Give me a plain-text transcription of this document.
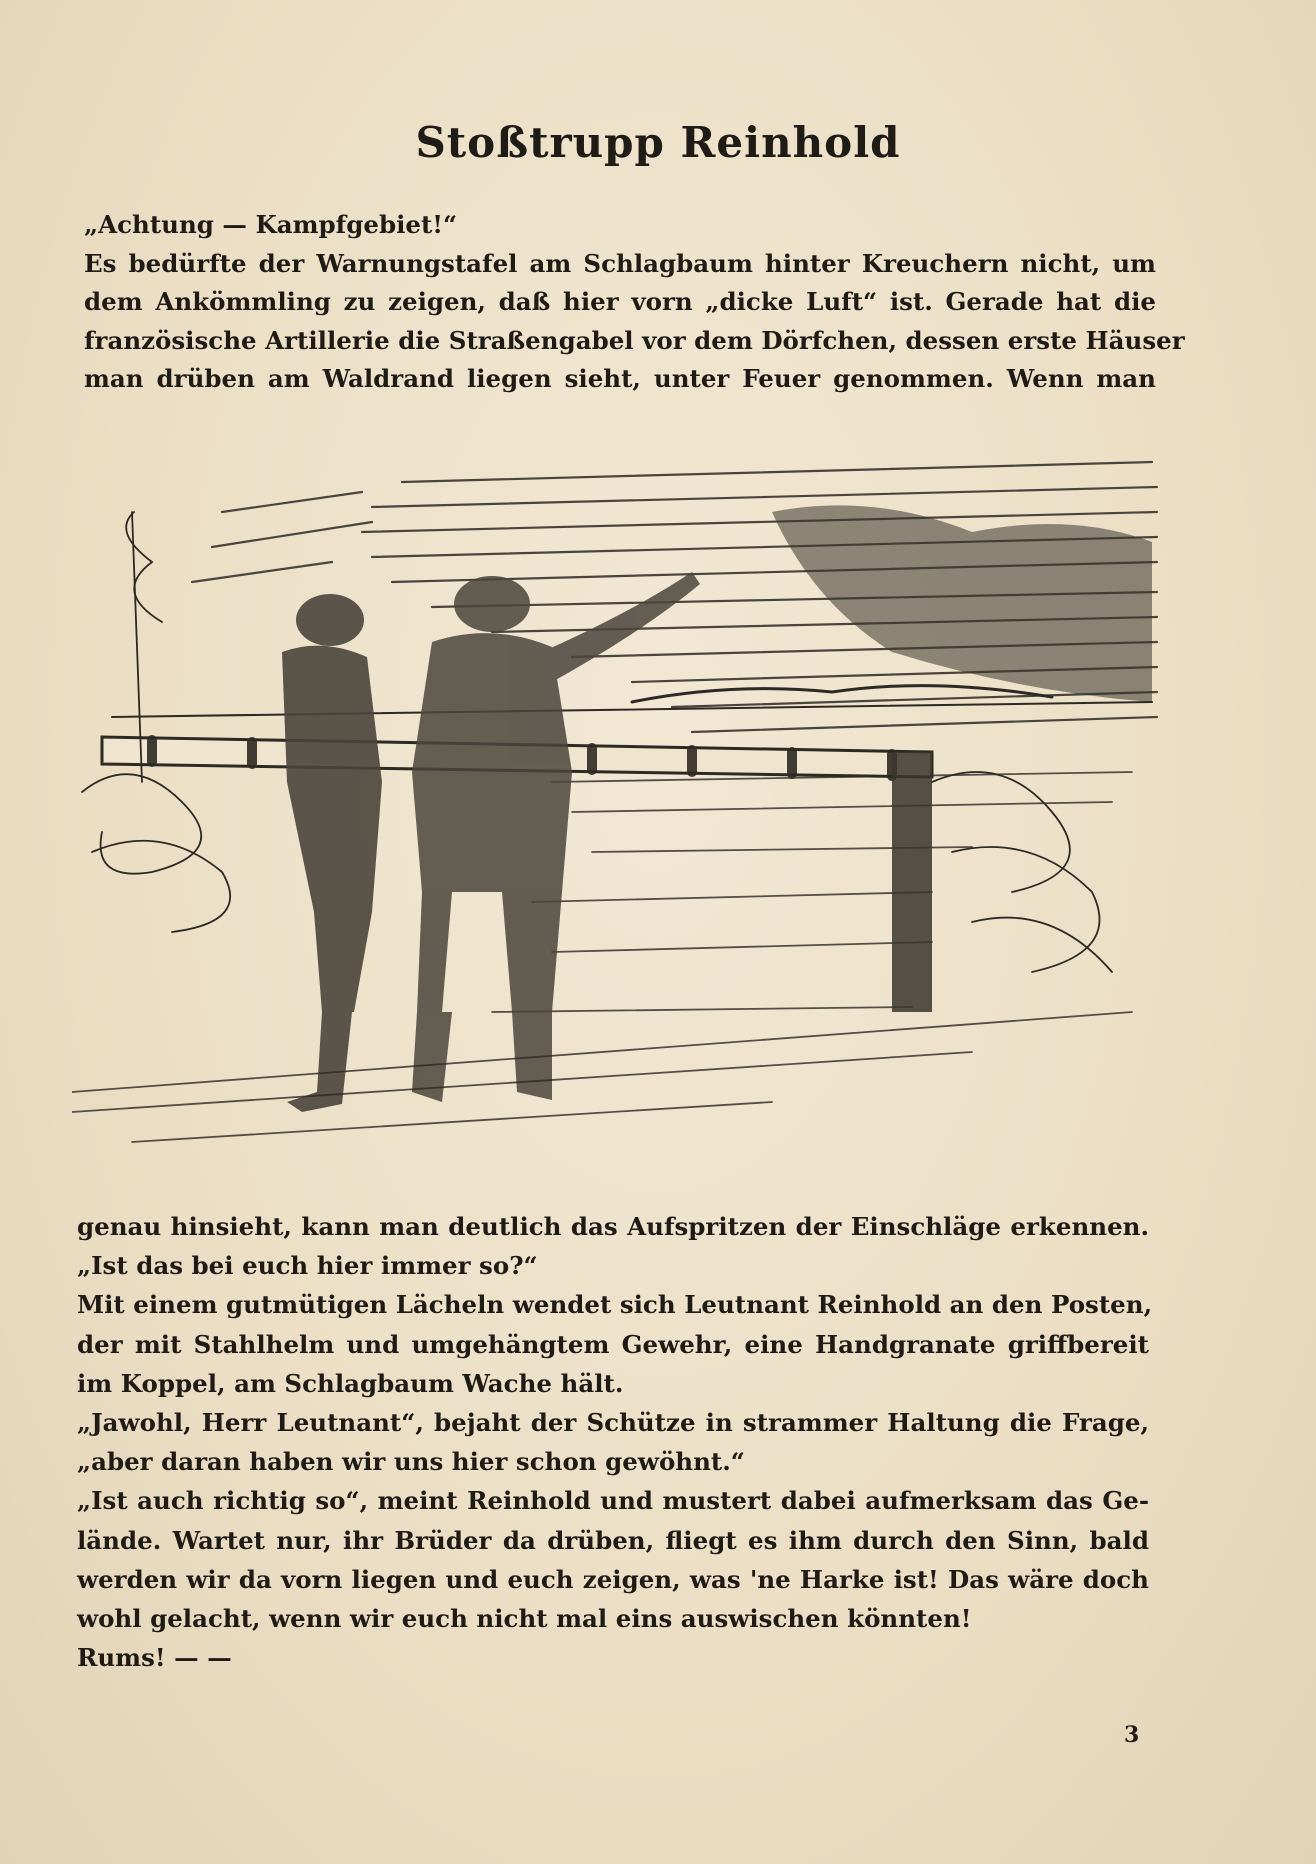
Stoßtrupp Reinhold
„Achtung — Kampfgebiet!“
Es bedürfte der Warnungstafel am Schlagbaum hinter Kreuchern nicht, um
dem Ankömmling zu zeigen, daß hier vorn „dicke Luft“ ist. Gerade hat die
französische Artillerie die Straßengabel vor dem Dörfchen, dessen erste Häuser
man drüben am Waldrand liegen sieht, unter Feuer genommen. Wenn man
genau hinsieht, kann man deutlich das Aufspritzen der Einschläge erkennen.
„Ist das bei euch hier immer so?“
Mit einem gutmütigen Lächeln wendet sich Leutnant Reinhold an den Posten,
der mit Stahlhelm und umgehängtem Gewehr, eine Handgranate griffbereit
im Koppel, am Schlagbaum Wache hält.
„Jawohl, Herr Leutnant“, bejaht der Schütze in strammer Haltung die Frage,
„aber daran haben wir uns hier schon gewöhnt.“
„Ist auch richtig so“, meint Reinhold und mustert dabei aufmerksam das Ge-
lände. Wartet nur, ihr Brüder da drüben, fliegt es ihm durch den Sinn, bald
werden wir da vorn liegen und euch zeigen, was 'ne Harke ist! Das wäre doch
wohl gelacht, wenn wir euch nicht mal eins auswischen könnten!
Rums! — —
3
